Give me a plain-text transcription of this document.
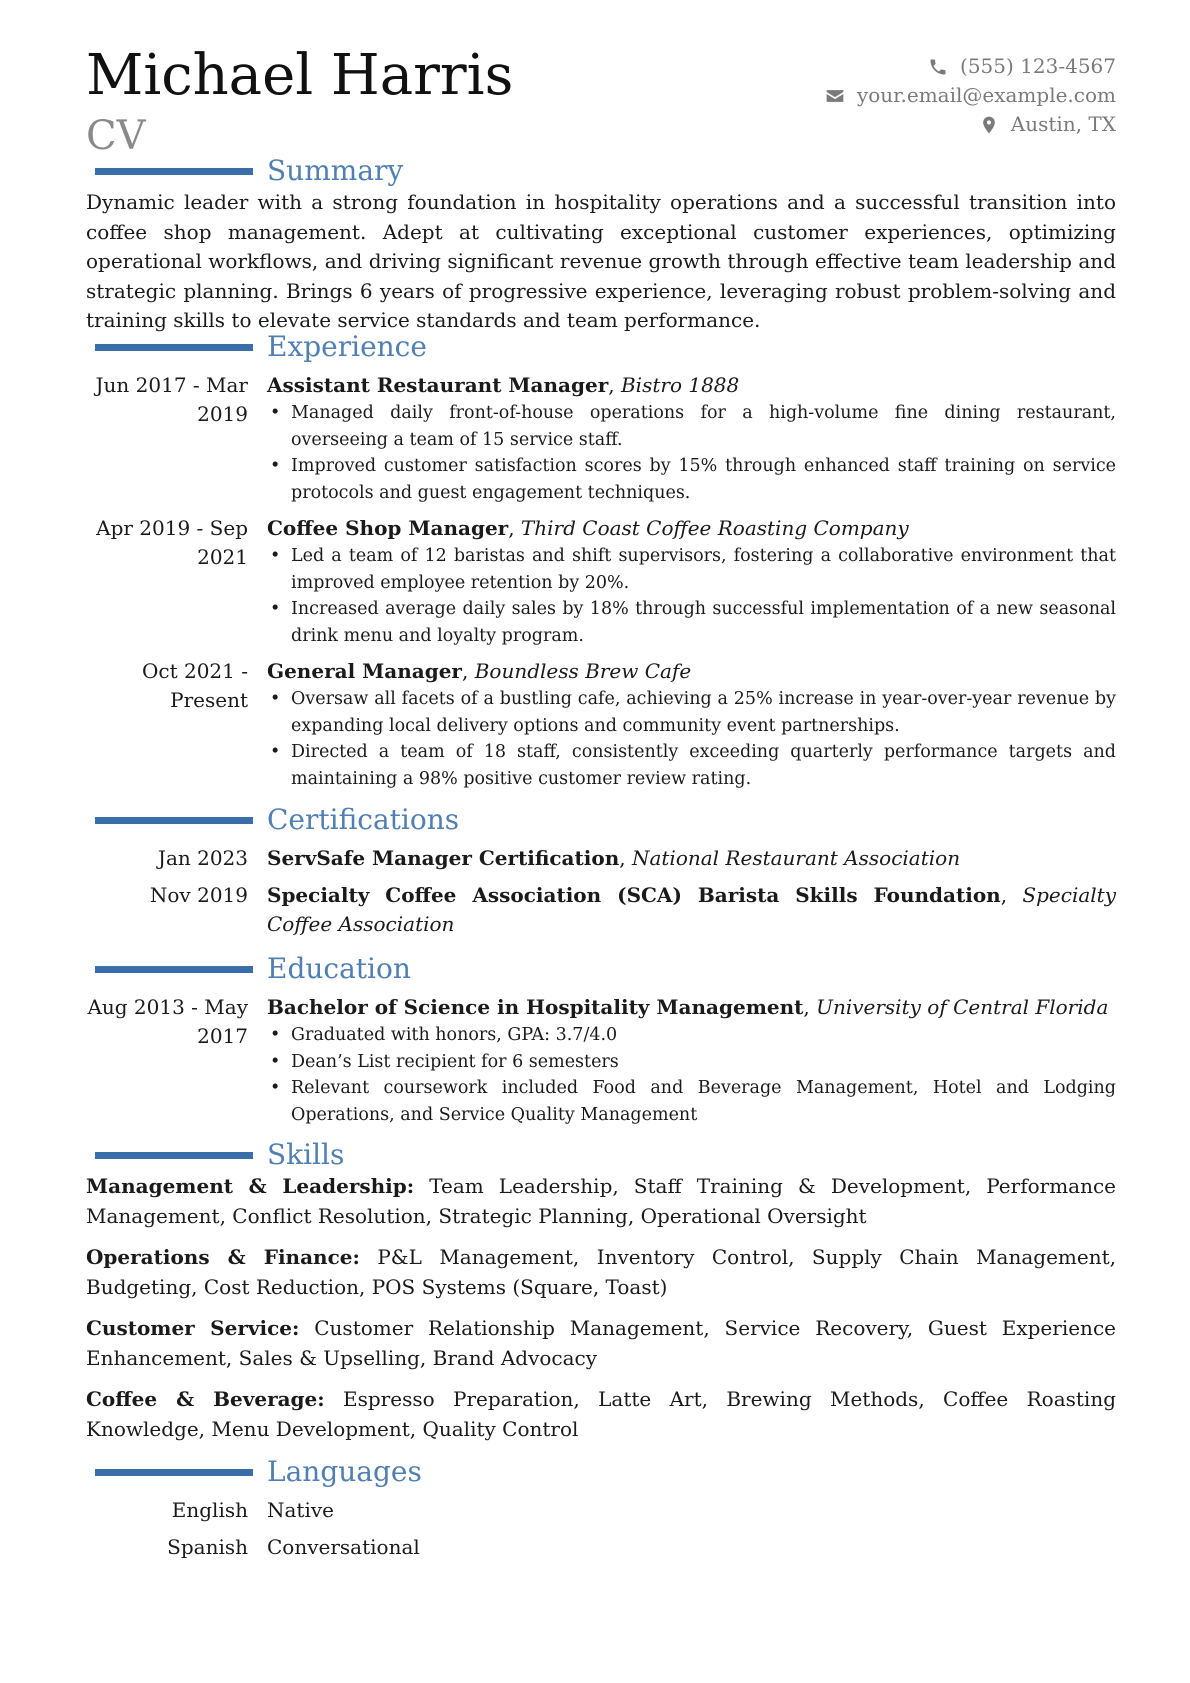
Michael Harris
CV
(555) 123-4567
your.email@example.com
Austin, TX
Summary

Dynamic leader with a strong foundation in hospitality operations and a successful transition into coffee shop management. Adept at cultivating exceptional customer experiences, optimizing operational workflows, and driving significant revenue growth through effective team leadership and strategic planning. Brings 6 years of progressive experience, leveraging robust problem-solving and training skills to elevate service standards and team performance.

Experience
Jun 2017 - Mar 2019
Assistant Restaurant Manager, Bistro 1888
• Managed daily front-of-house operations for a high-volume fine dining restaurant, overseeing a team of 15 service staff.
• Improved customer satisfaction scores by 15% through enhanced staff training on service protocols and guest engagement techniques.
Apr 2019 - Sep 2021
Coffee Shop Manager, Third Coast Coffee Roasting Company
• Led a team of 12 baristas and shift supervisors, fostering a collaborative environment that improved employee retention by 20%.
• Increased average daily sales by 18% through successful implementation of a new seasonal drink menu and loyalty program.
Oct 2021 - Present
General Manager, Boundless Brew Cafe
• Oversaw all facets of a bustling cafe, achieving a 25% increase in year-over-year revenue by expanding local delivery options and community event partnerships.
• Directed a team of 18 staff, consistently exceeding quarterly performance targets and maintaining a 98% positive customer review rating.
Certifications
Jan 2023 ServSafe Manager Certification, National Restaurant Association
Nov 2019 Specialty Coffee Association (SCA) Barista Skills Foundation, Specialty Coffee Association
Education
Aug 2013 - May 2017
Bachelor of Science in Hospitality Management, University of Central Florida
• Graduated with honors, GPA: 3.7/4.0
• Dean’s List recipient for 6 semesters
• Relevant coursework included Food and Beverage Management, Hotel and Lodging Operations, and Service Quality Management
Skills

Management & Leadership: Team Leadership, Staff Training & Development, Performance Management, Conflict Resolution, Strategic Planning, Operational Oversight

Operations & Finance: P&L Management, Inventory Control, Supply Chain Management, Budgeting, Cost Reduction, POS Systems (Square, Toast)

Customer Service: Customer Relationship Management, Service Recovery, Guest Experience Enhancement, Sales & Upselling, Brand Advocacy

Coffee & Beverage: Espresso Preparation, Latte Art, Brewing Methods, Coffee Roasting Knowledge, Menu Development, Quality Control

Languages
English Native
Spanish Conversational
